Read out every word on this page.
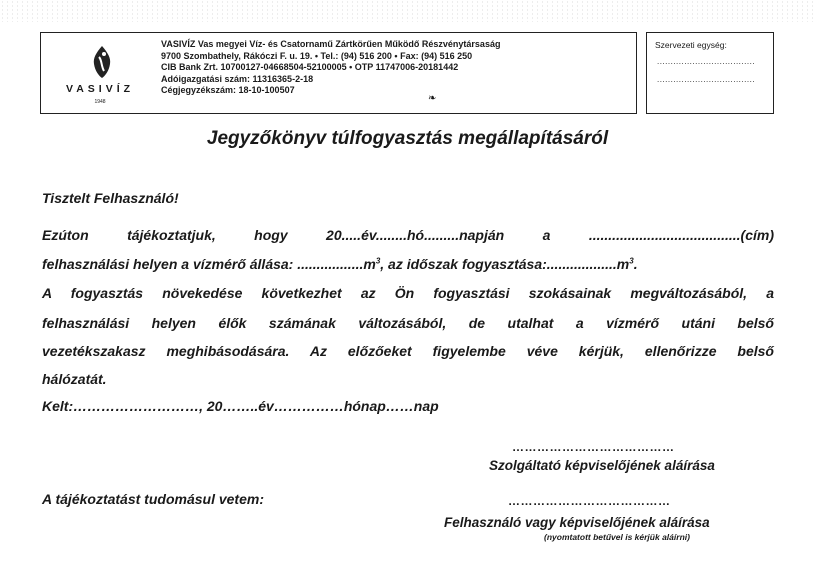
VASIVÍZ
1948
VASIVÍZ Vas megyei Víz- és Csatornamű Zártkörűen Működő Részvénytársaság
9700 Szombathely, Rákóczi F. u. 19. • Tel.: (94) 516 200 • Fax: (94) 516 250
CIB Bank Zrt. 10700127-04668504-52100005 • OTP 11747006-20181442
Adóigazgatási szám: 11316365-2-18
Cégjegyzékszám: 18-10-100507
❧
Szervezeti egység:
....................................
....................................
Jegyzőkönyv túlfogyasztás megállapításáról
Tisztelt Felhasználó!
Ezúton tájékoztatjuk, hogy 20.....év........hó.........napján a .......................................(cím)
felhasználási helyen a vízmérő állása: $.................m^3$, az időszak $fogyasztása:..................m^3$.
A fogyasztás növekedése következhet az Ön fogyasztási szokásainak megváltozásából, a
felhasználási helyen élők számának változásából, de utalhat a vízmérő utáni belső
vezetékszakasz meghibásodására. Az előzőeket figyelembe véve kérjük, ellenőrizze belső
hálózatát.
Kelt:………………………, 20……..év……………hónap……nap
…………………………………
Szolgáltató képviselőjének aláírása
A tájékoztatást tudomásul vetem:	…………………………………
Felhasználó vagy képviselőjének aláírása
(nyomtatott betűvel is kérjük aláírni)
